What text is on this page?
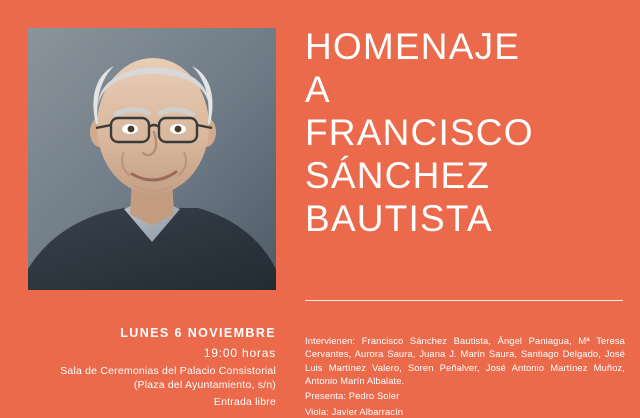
HOMENAJE
A
FRANCISCO
SÁNCHEZ
BAUTISTA
LUNES 6 NOVIEMBRE
19:00 horas
Sala de Ceremonias del Palacio Consistorial
(Plaza del Ayuntamiento, s/n)
Entrada libre

Intervienen: Francisco Sánchez Bautista, Ángel Paniagua, Mª Teresa Cervantes, Aurora Saura, Juana J. Marín Saura, Santiago Delgado, José Luis Martínez Valero, Soren Peñalver, José Antonio Martínez Muñoz, Antonio Marín Albalate.

Presenta: Pedro Soler

Viola: Javier Albarracín
